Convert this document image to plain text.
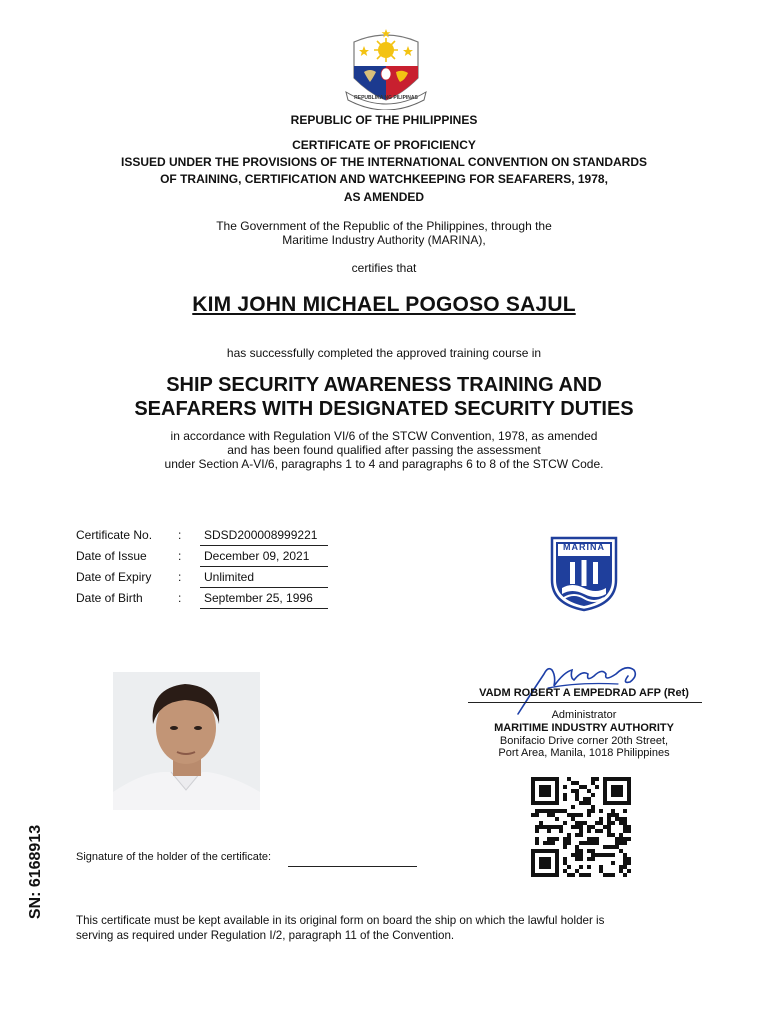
REPUBLIKA NG PILIPINAS
REPUBLIC OF THE PHILIPPINES
CERTIFICATE OF PROFICIENCY
ISSUED UNDER THE PROVISIONS OF THE INTERNATIONAL CONVENTION ON STANDARDS
OF TRAINING, CERTIFICATION AND WATCHKEEPING FOR SEAFARERS, 1978,
AS AMENDED
The Government of the Republic of the Philippines, through the
Maritime Industry Authority (MARINA),
certifies that
KIM JOHN MICHAEL POGOSO SAJUL
has successfully completed the approved training course in
SHIP SECURITY AWARENESS TRAINING AND
SEAFARERS WITH DESIGNATED SECURITY DUTIES
in accordance with Regulation VI/6 of the STCW Convention, 1978, as amended
and has been found qualified after passing the assessment
under Section A-VI/6, paragraphs 1 to 4 and paragraphs 6 to 8 of the STCW Code.
Certificate No.	:	SDSD200008999221
Date of Issue	:	December 09, 2021
Date of Expiry	:	Unlimited
Date of Birth	:	September 25, 1996
MARINA
VADM ROBERT A EMPEDRAD AFP (Ret)
Administrator
MARITIME INDUSTRY AUTHORITY
Bonifacio Drive corner 20th Street,
Port Area, Manila, 1018 Philippines
Signature of the holder of the certificate:
SN: 6168913
This certificate must be kept available in its original form on board the ship on which the lawful holder is
serving as required under Regulation I/2, paragraph 11 of the Convention.
